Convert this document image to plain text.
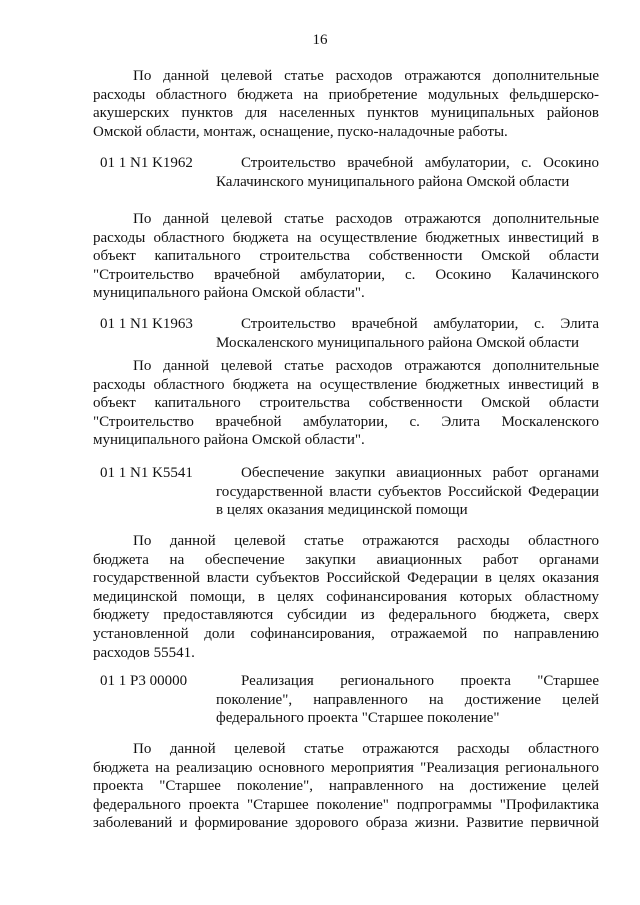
16
По данной целевой статье расходов отражаются дополнительные
расходы областного бюджета на приобретение модульных фельдшерско-
акушерских пунктов для населенных пунктов муниципальных районов
Омской области, монтаж, оснащение, пуско-наладочные работы.
01 1 N1 K1962	Строительство врачебной амбулатории, с. Осокино
Калачинского муниципального района Омской области
По данной целевой статье расходов отражаются дополнительные
расходы областного бюджета на осуществление бюджетных инвестиций в
объект капитального строительства собственности Омской области
"Строительство врачебной амбулатории, с. Осокино Калачинского
муниципального района Омской области".
01 1 N1 K1963	Строительство врачебной амбулатории, с. Элита
Москаленского муниципального района Омской области
По данной целевой статье расходов отражаются дополнительные
расходы областного бюджета на осуществление бюджетных инвестиций в
объект капитального строительства собственности Омской области
"Строительство врачебной амбулатории, с. Элита Москаленского
муниципального района Омской области".
01 1 N1 K5541	Обеспечение закупки авиационных работ органами
государственной власти субъектов Российской Федерации
в целях оказания медицинской помощи
По данной целевой статье отражаются расходы областного
бюджета на обеспечение закупки авиационных работ органами
государственной власти субъектов Российской Федерации в целях оказания
медицинской помощи, в целях софинансирования которых областному
бюджету предоставляются субсидии из федерального бюджета, сверх
установленной доли софинансирования, отражаемой по направлению
расходов 55541.
01 1 P3 00000	Реализация регионального проекта "Старшее
поколение", направленного на достижение целей
федерального проекта "Старшее поколение"
По данной целевой статье отражаются расходы областного
бюджета на реализацию основного мероприятия "Реализация регионального
проекта "Старшее поколение", направленного на достижение целей
федерального проекта "Старшее поколение" подпрограммы "Профилактика
заболеваний и формирование здорового образа жизни. Развитие первичной
